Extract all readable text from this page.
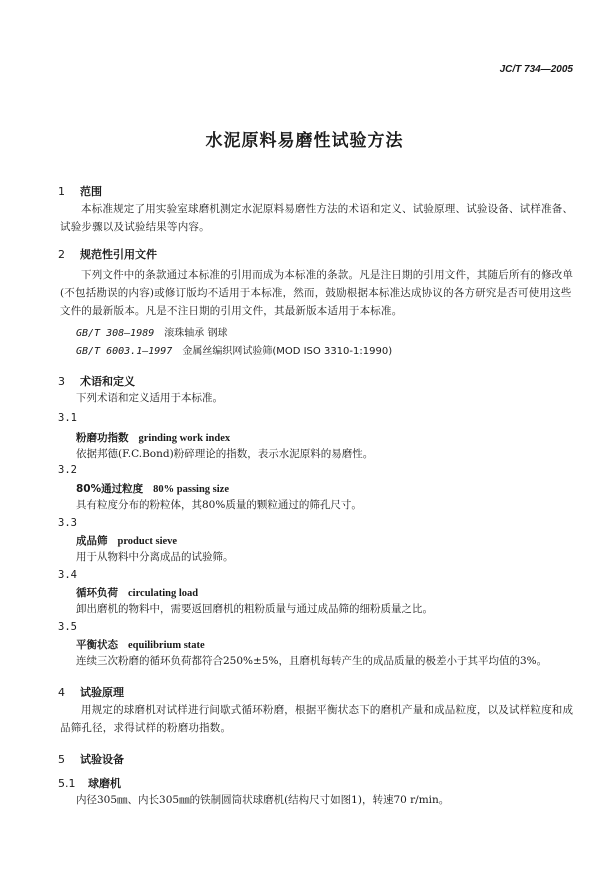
JC/T 734—2005
水泥原料易磨性试验方法
1 范围
本标准规定了用实验室球磨机测定水泥原料易磨性方法的术语和定义、试验原理、试验设备、试样准备、试验步骤以及试验结果等内容。
2 规范性引用文件
下列文件中的条款通过本标准的引用而成为本标准的条款。凡是注日期的引用文件，其随后所有的修改单(不包括勘误的内容)或修订版均不适用于本标准，然而，鼓励根据本标准达成协议的各方研究是否可使用这些文件的最新版本。凡是不注日期的引用文件，其最新版本适用于本标准。
GB/T 308—1989 滚珠轴承 钢球
GB/T 6003.1—1997 金属丝编织网试验筛(MOD ISO 3310-1:1990)
3 术语和定义
下列术语和定义适用于本标准。
3.1
粉磨功指数 grinding work index
依据邦德(F.C.Bond)粉碎理论的指数，表示水泥原料的易磨性。
3.2
80%通过粒度 80% passing size
具有粒度分布的粉粒体，其80%质量的颗粒通过的筛孔尺寸。
3.3
成品筛 product sieve
用于从物料中分离成品的试验筛。
3.4
循环负荷 circulating load
卸出磨机的物料中，需要返回磨机的粗粉质量与通过成品筛的细粉质量之比。
3.5
平衡状态 equilibrium state
连续三次粉磨的循环负荷都符合250%±5%，且磨机每转产生的成品质量的极差小于其平均值的3%。
4 试验原理
用规定的球磨机对试样进行间歇式循环粉磨，根据平衡状态下的磨机产量和成品粒度，以及试样粒度和成品筛孔径，求得试样的粉磨功指数。
5 试验设备
5.1 球磨机
内径305㎜、内长305㎜的铁制圆筒状球磨机(结构尺寸如图1)，转速70 r/min。
